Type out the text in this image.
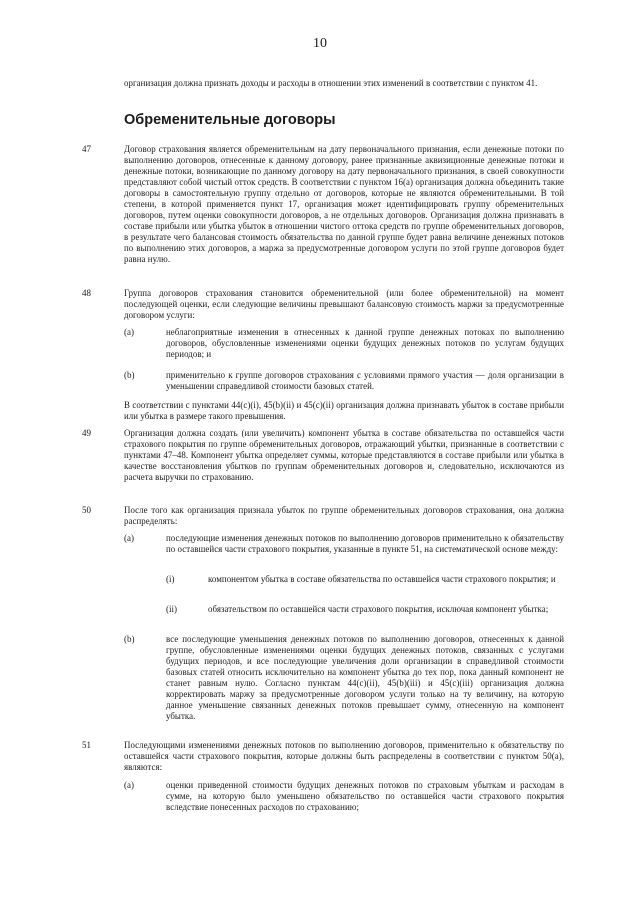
10
организация должна признать доходы и расходы в отношении этих изменений в соответствии с пунктом 41.
Обременительные договоры
47	Договор страхования является обременительным на дату первоначального признания, если денежные потоки по выполнению договоров, отнесенные к данному договору, ранее признанные аквизиционные денежные потоки и денежные потоки, возникающие по данному договору на дату первоначального признания, в своей совокупности представляют собой чистый отток средств. В соответствии с пунктом 16(а) организация должна объединить такие договоры в самостоятельную группу отдельно от договоров, которые не являются обременительными. В той степени, в которой применяется пункт 17, организация может идентифицировать группу обременительных договоров, путем оценки совокупности договоров, а не отдельных договоров. Организация должна признавать в составе прибыли или убытка убыток в отношении чистого оттока средств по группе обременительных договоров, в результате чего балансовая стоимость обязательства по данной группе будет равна величине денежных потоков по выполнению этих договоров, а маржа за предусмотренные договором услуги по этой группе договоров будет равна нулю.
48	Группа договоров страхования становится обременительной (или более обременительной) на момент последующей оценки, если следующие величины превышают балансовую стоимость маржи за предусмотренные договором услуги:
(a)	неблагоприятные изменения в отнесенных к данной группе денежных потоках по выполнению договоров, обусловленные изменениями оценки будущих денежных потоков по услугам будущих периодов; и
(b)	применительно к группе договоров страхования с условиями прямого участия — доля организации в уменьшении справедливой стоимости базовых статей.
В соответствии с пунктами 44(c)(i), 45(b)(ii) и 45(c)(ii) организация должна признавать убыток в составе прибыли или убытка в размере такого превышения.
49	Организация должна создать (или увеличить) компонент убытка в составе обязательства по оставшейся части страхового покрытия по группе обременительных договоров, отражающий убытки, признанные в соответствии с пунктами 47–48. Компонент убытка определяет суммы, которые представляются в составе прибыли или убытка в качестве восстановления убытков по группам обременительных договоров и, следовательно, исключаются из расчета выручки по страхованию.
50	После того как организация признала убыток по группе обременительных договоров страхования, она должна распределять:
(a)	последующие изменения денежных потоков по выполнению договоров применительно к обязательству по оставшейся части страхового покрытия, указанные в пункте 51, на систематической основе между:
(i)	компонентом убытка в составе обязательства по оставшейся части страхового покрытия; и
(ii)	обязательством по оставшейся части страхового покрытия, исключая компонент убытка;
(b)	все последующие уменьшения денежных потоков по выполнению договоров, отнесенных к данной группе, обусловленные изменениями оценки будущих денежных потоков, связанных с услугами будущих периодов, и все последующие увеличения доли организации в справедливой стоимости базовых статей относить исключительно на компонент убытка до тех пор, пока данный компонент не станет равным нулю. Согласно пунктам 44(c)(ii), 45(b)(iii) и 45(c)(iii) организация должна корректировать маржу за предусмотренные договором услуги только на ту величину, на которую данное уменьшение связанных денежных потоков превышает сумму, отнесенную на компонент убытка.
51	Последующими изменениями денежных потоков по выполнению договоров, применительно к обязательству по оставшейся части страхового покрытия, которые должны быть распределены в соответствии с пунктом 50(a), являются:
(a)	оценки приведенной стоимости будущих денежных потоков по страховым убыткам и расходам в сумме, на которую было уменьшено обязательство по оставшейся части страхового покрытия вследствие понесенных расходов по страхованию;
